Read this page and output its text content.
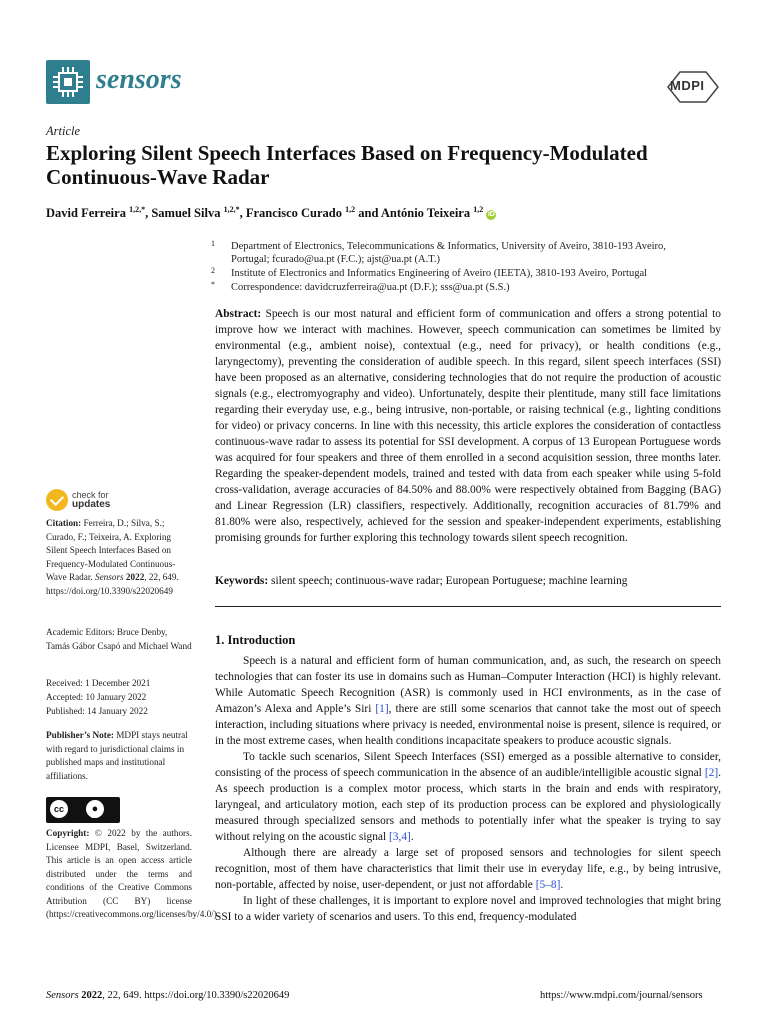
sensors	MDPI
Article
Exploring Silent Speech Interfaces Based on Frequency-Modulated Continuous-Wave Radar
David Ferreira $^{1,2,*}$, Samuel Silva $^{1,2,*}$, Francisco Curado $^{1,2}$ and António Teixeira $^{1,2}$ iD
1 Department of Electronics, Telecommunications & Informatics, University of Aveiro, 3810-193 Aveiro, Portugal; fcurado@ua.pt (F.C.); ajst@ua.pt (A.T.)
2 Institute of Electronics and Informatics Engineering of Aveiro (IEETA), 3810-193 Aveiro, Portugal
* Correspondence: davidcruzferreira@ua.pt (D.F.); sss@ua.pt (S.S.)

Abstract: Speech is our most natural and efficient form of communication and offers a strong potential to improve how we interact with machines. However, speech communication can sometimes be limited by environmental (e.g., ambient noise), contextual (e.g., need for privacy), or health conditions (e.g., laryngectomy), preventing the consideration of audible speech. In this regard, silent speech interfaces (SSI) have been proposed as an alternative, considering technologies that do not require the production of acoustic signals (e.g., electromyography and video). Unfortunately, despite their plentitude, many still face limitations regarding their everyday use, e.g., being intrusive, non-portable, or raising technical (e.g., lighting conditions for video) or privacy concerns. In line with this necessity, this article explores the consideration of contactless continuous-wave radar to assess its potential for SSI development. A corpus of 13 European Portuguese words was acquired for four speakers and three of them enrolled in a second acquisition session, three months later. Regarding the speaker-dependent models, trained and tested with data from each speaker while using 5-fold cross-validation, average accuracies of 84.50% and 88.00% were respectively obtained from Bagging (BAG) and Linear Regression (LR) classifiers, respectively. Additionally, recognition accuracies of 81.79% and 81.80% were also, respectively, achieved for the session and speaker-independent experiments, establishing promising grounds for further exploring this technology towards silent speech recognition.

Keywords: silent speech; continuous-wave radar; European Portuguese; machine learning
1. Introduction

Speech is a natural and efficient form of human communication, and, as such, the research on speech technologies that can foster its use in domains such as Human–Computer Interaction (HCI) is highly relevant. While Automatic Speech Recognition (ASR) is commonly used in HCI environments, as in the case of Amazon’s Alexa and Apple’s Siri [1], there are still some scenarios that cannot take the most out of speech interaction, including situations where privacy is needed, environmental noise is present, silence is required, or in the most extreme cases, when health conditions incapacitate speakers to produce acoustic signals.

To tackle such scenarios, Silent Speech Interfaces (SSI) emerged as a possible alternative to consider, consisting of the process of speech communication in the absence of an audible/intelligible acoustic signal [2]. As speech production is a complex motor process, which starts in the brain and ends with respiratory, laryngeal, and articulatory motion, each step of its production process can be explored and physiologically measured through specialized sensors and methods to potentially infer what the speaker is trying to say without relying on the acoustic signal [3,4].

Although there are already a large set of proposed sensors and technologies for silent speech recognition, most of them have characteristics that limit their use in everyday life, e.g., by being intrusive, non-portable, affected by noise, user-dependent, or just not affordable [5–8].

In light of these challenges, it is important to explore novel and improved technologies that might bring SSI to a wider variety of scenarios and users. To this end, frequency-modulated

check for
updates
Citation: Ferreira, D.; Silva, S.; Curado, F.; Teixeira, A. Exploring Silent Speech Interfaces Based on Frequency-Modulated Continuous-Wave Radar. Sensors 2022, 22, 649. https://doi.org/10.3390/s22020649
Academic Editors: Bruce Denby, Tamás Gábor Csapó and Michael Wand
Received: 1 December 2021
Accepted: 10 January 2022
Published: 14 January 2022
Publisher’s Note: MDPI stays neutral with regard to jurisdictional claims in published maps and institutional affiliations.
cc	●
BY
Copyright: © 2022 by the authors. Licensee MDPI, Basel, Switzerland. This article is an open access article distributed under the terms and conditions of the Creative Commons Attribution (CC BY) license (https://creativecommons.org/licenses/by/4.0/).
Sensors 2022, 22, 649. https://doi.org/10.3390/s22020649	https://www.mdpi.com/journal/sensors
